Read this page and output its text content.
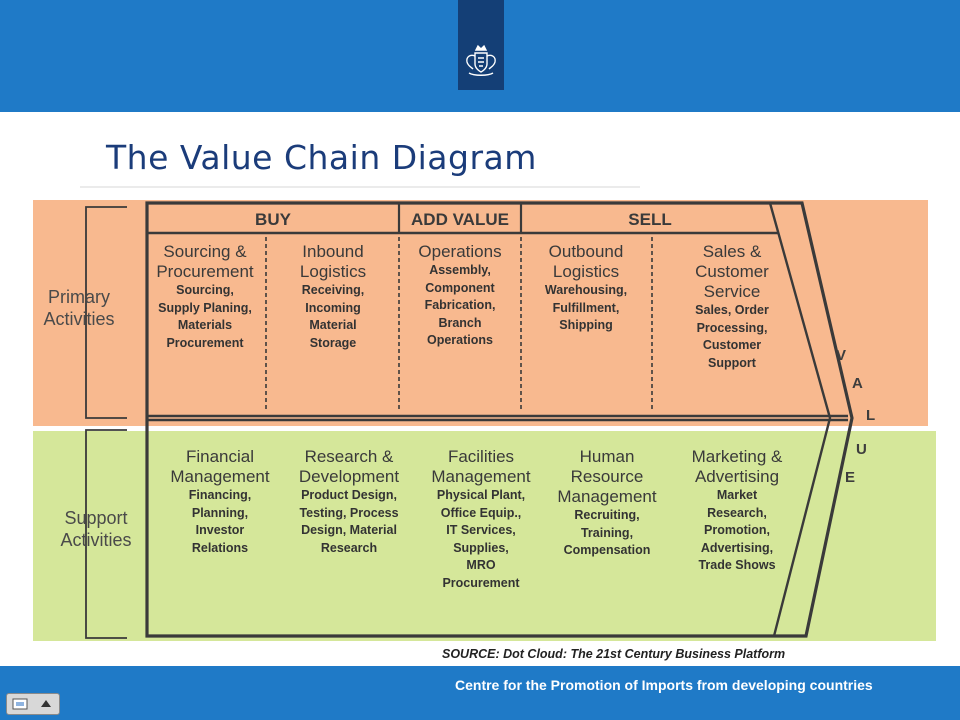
The Value Chain Diagram
BUY	ADD VALUE	SELL
Primary
Activities
Support
Activities
Sourcing &
Procurement
Sourcing,
Supply Planing,
Materials
Procurement
Inbound
Logistics
Receiving,
Incoming
Material
Storage
Operations
Assembly,
Component
Fabrication,
Branch
Operations
Outbound
Logistics
Warehousing,
Fulfillment,
Shipping
Sales &
Customer
Service
Sales, Order
Processing,
Customer
Support
Financial
Management
Financing,
Planning,
Investor
Relations
Research &
Development
Product Design,
Testing, Process
Design, Material
Research
Facilities
Management
Physical Plant,
Office Equip.,
IT Services,
Supplies,
MRO
Procurement
Human
Resource
Management
Recruiting,
Training,
Compensation
Marketing &
Advertising
Market
Research,
Promotion,
Advertising,
Trade Shows
V
A
L
U
E
SOURCE: Dot Cloud: The 21st Century Business Platform
Centre for the Promotion of Imports from developing countries
